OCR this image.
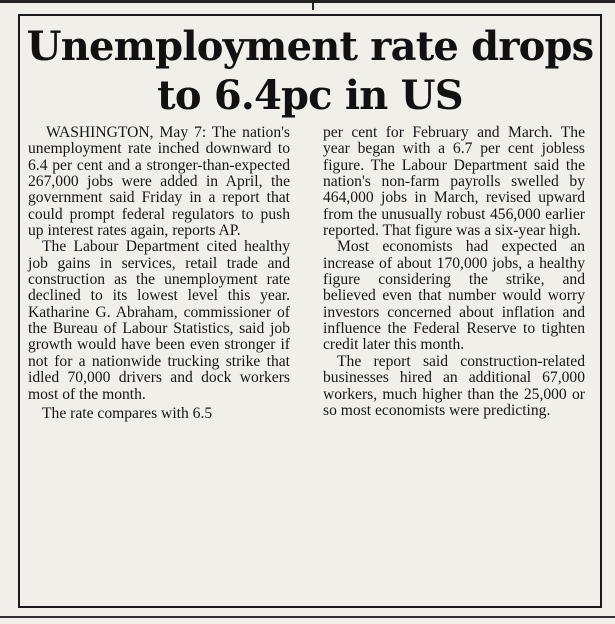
Unemployment rate drops to 6.4pc in US

WASHINGTON, May 7: The nation's unemployment rate inched downward to 6.4 per cent and a stronger-than-expected 267,000 jobs were added in April, the government said Friday in a report that could prompt federal regulators to push up interest rates again, reports AP.

The Labour Department cited healthy job gains in services, retail trade and construction as the unemployment rate declined to its lowest level this year. Katharine G. Abraham, commissioner of the Bureau of Labour Statistics, said job growth would have been even stronger if not for a nationwide trucking strike that idled 70,000 drivers and dock workers most of the month.

The rate compares with 6.5

per cent for February and March. The year began with a 6.7 per cent jobless figure. The Labour Department said the nation's non-farm payrolls swelled by 464,000 jobs in March, revised upward from the unusually robust 456,000 earlier reported. That figure was a six-year high.

Most economists had expected an increase of about 170,000 jobs, a healthy figure considering the strike, and believed even that number would worry investors concerned about inflation and influence the Federal Reserve to tighten credit later this month.

The report said construction-related businesses hired an additional 67,000 workers, much higher than the 25,000 or so most economists were predicting.
